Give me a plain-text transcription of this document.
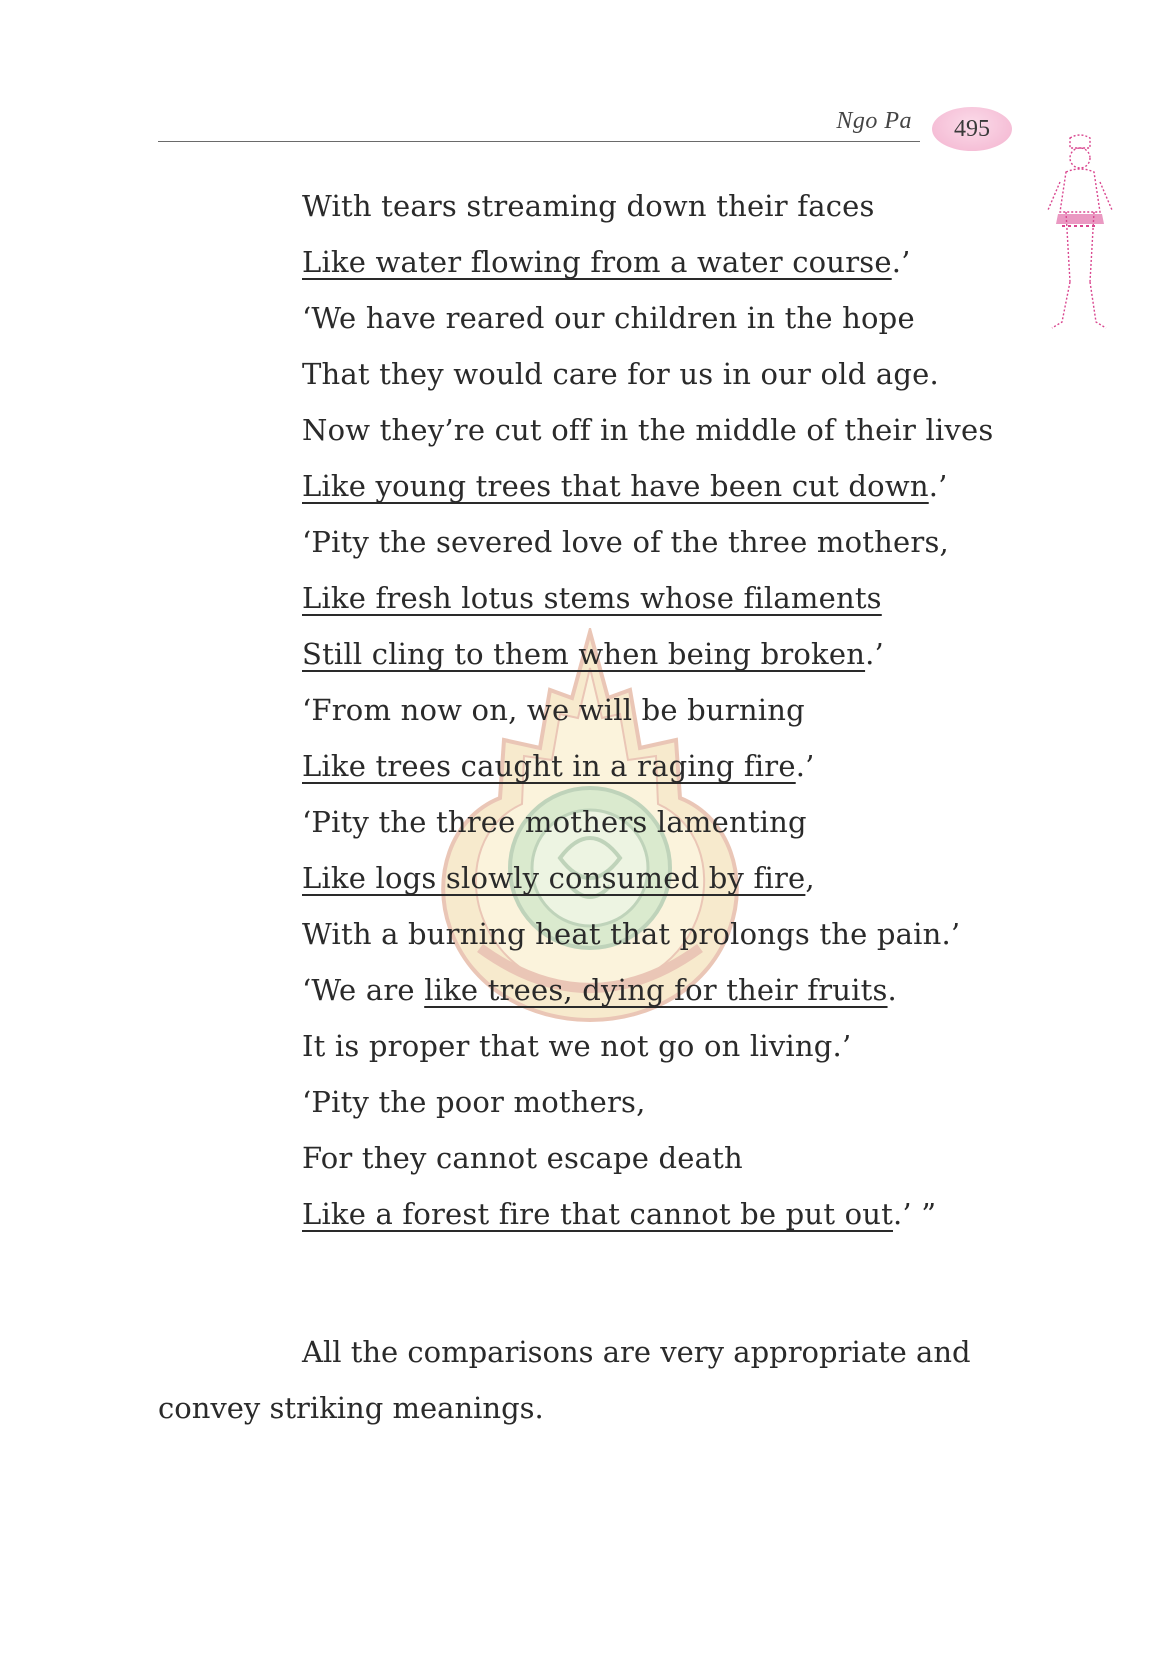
Ngo Pa 495
With tears streaming down their faces
Like water flowing from a water course.’
‘We have reared our children in the hope
That they would care for us in our old age.
Now they’re cut off in the middle of their lives
Like young trees that have been cut down.’
‘Pity the severed love of the three mothers,
Like fresh lotus stems whose filaments
Still cling to them when being broken.’
‘From now on, we will be burning
Like trees caught in a raging fire.’
‘Pity the three mothers lamenting
Like logs slowly consumed by fire,
With a burning heat that prolongs the pain.’
‘We are like trees, dying for their fruits.
It is proper that we not go on living.’
‘Pity the poor mothers,
For they cannot escape death
Like a forest fire that cannot be put out.’ ”

All the comparisons are very appropriate and convey striking meanings.
